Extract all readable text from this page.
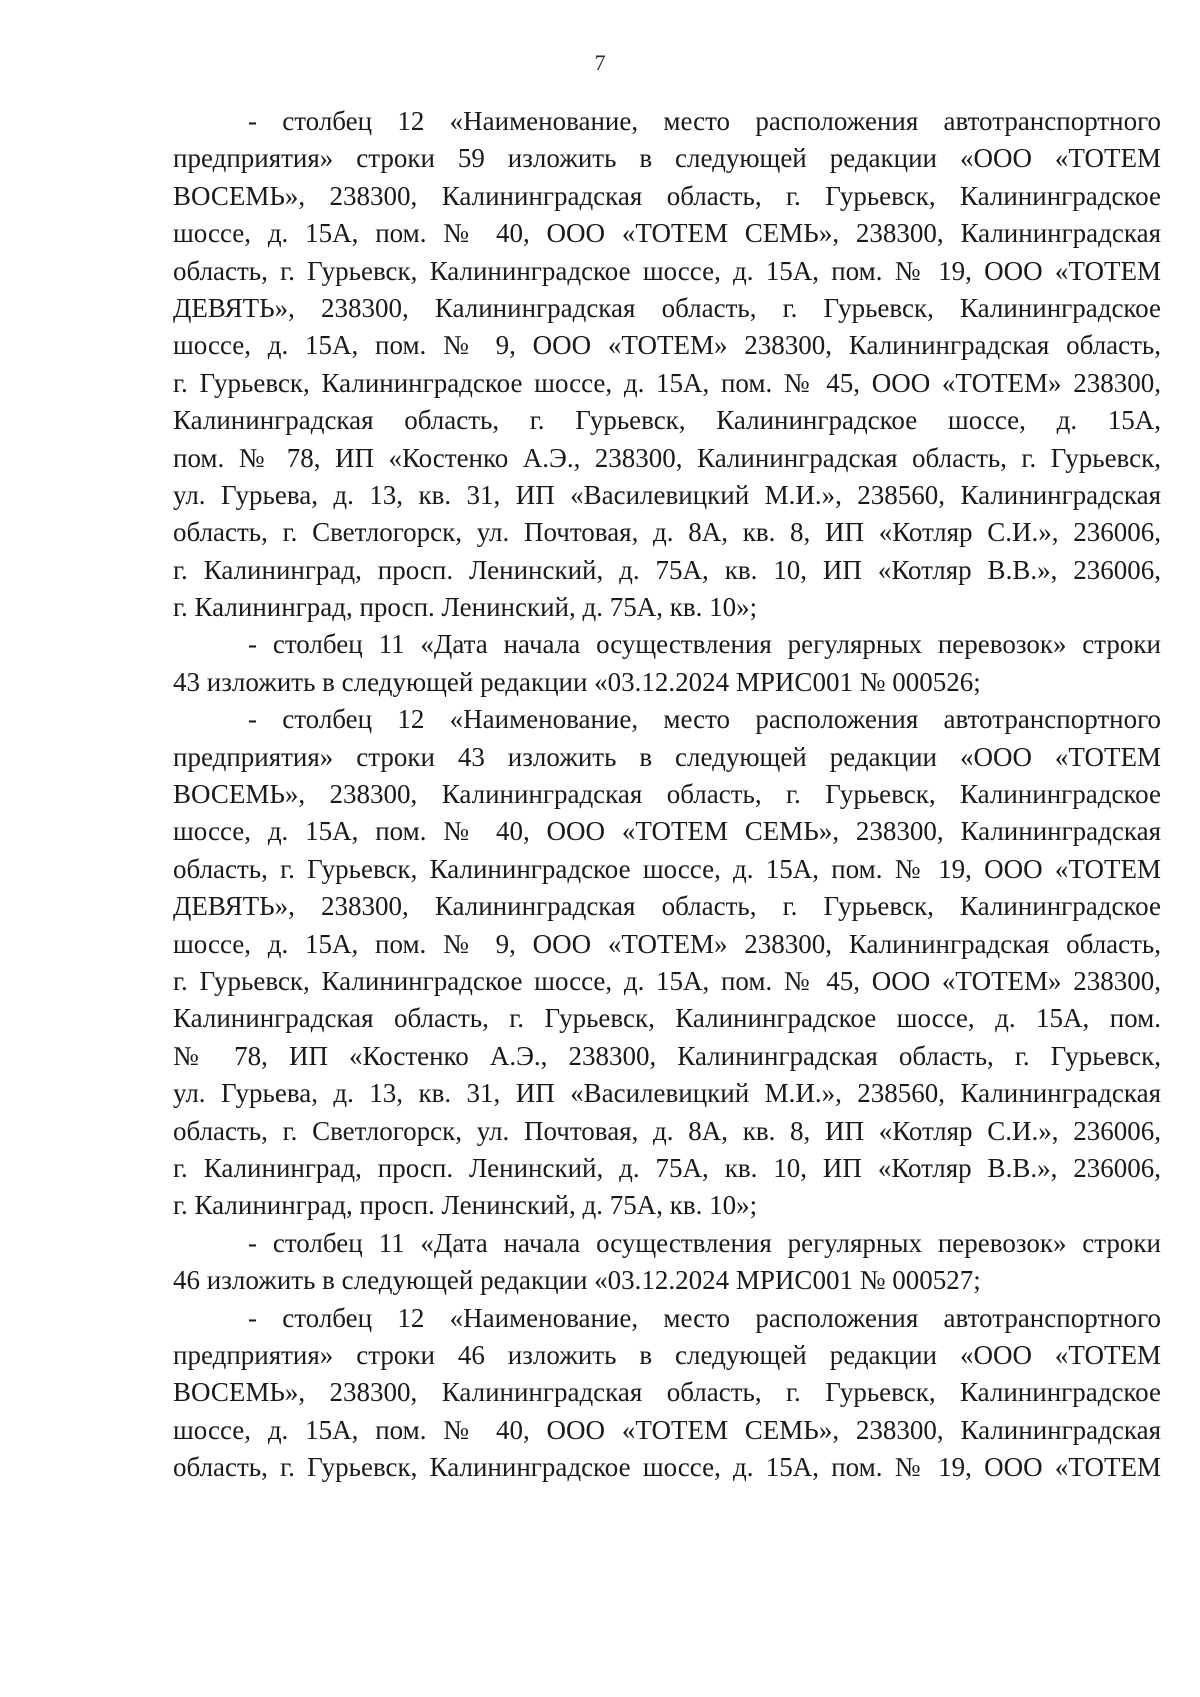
7
- столбец 12 «Наименование, место расположения автотранспортного
предприятия» строки 59 изложить в следующей редакции «ООО «ТОТЕМ
ВОСЕМЬ», 238300, Калининградская область, г. Гурьевск, Калининградское
шоссе, д. 15А, пом. № 40, ООО «ТОТЕМ СЕМЬ», 238300, Калининградская
область, г. Гурьевск, Калининградское шоссе, д. 15А, пом. № 19, ООО «ТОТЕМ
ДЕВЯТЬ», 238300, Калининградская область, г. Гурьевск, Калининградское
шоссе, д. 15А, пом. № 9, ООО «ТОТЕМ» 238300, Калининградская область,
г. Гурьевск, Калининградское шоссе, д. 15А, пом. № 45, ООО «ТОТЕМ» 238300,
Калининградская область, г. Гурьевск, Калининградское шоссе, д. 15А,
пом. № 78, ИП «Костенко А.Э., 238300, Калининградская область, г. Гурьевск,
ул. Гурьева, д. 13, кв. 31, ИП «Василевицкий М.И.», 238560, Калининградская
область, г. Светлогорск, ул. Почтовая, д. 8А, кв. 8, ИП «Котляр С.И.», 236006,
г. Калининград, просп. Ленинский, д. 75А, кв. 10, ИП «Котляр В.В.», 236006,
г. Калининград, просп. Ленинский, д. 75А, кв. 10»;
- столбец 11 «Дата начала осуществления регулярных перевозок» строки
43 изложить в следующей редакции «03.12.2024 МРИС001 № 000526;
- столбец 12 «Наименование, место расположения автотранспортного
предприятия» строки 43 изложить в следующей редакции «ООО «ТОТЕМ
ВОСЕМЬ», 238300, Калининградская область, г. Гурьевск, Калининградское
шоссе, д. 15А, пом. № 40, ООО «ТОТЕМ СЕМЬ», 238300, Калининградская
область, г. Гурьевск, Калининградское шоссе, д. 15А, пом. № 19, ООО «ТОТЕМ
ДЕВЯТЬ», 238300, Калининградская область, г. Гурьевск, Калининградское
шоссе, д. 15А, пом. № 9, ООО «ТОТЕМ» 238300, Калининградская область,
г. Гурьевск, Калининградское шоссе, д. 15А, пом. № 45, ООО «ТОТЕМ» 238300,
Калининградская область, г. Гурьевск, Калининградское шоссе, д. 15А, пом.
№ 78, ИП «Костенко А.Э., 238300, Калининградская область, г. Гурьевск,
ул. Гурьева, д. 13, кв. 31, ИП «Василевицкий М.И.», 238560, Калининградская
область, г. Светлогорск, ул. Почтовая, д. 8А, кв. 8, ИП «Котляр С.И.», 236006,
г. Калининград, просп. Ленинский, д. 75А, кв. 10, ИП «Котляр В.В.», 236006,
г. Калининград, просп. Ленинский, д. 75А, кв. 10»;
- столбец 11 «Дата начала осуществления регулярных перевозок» строки
46 изложить в следующей редакции «03.12.2024 МРИС001 № 000527;
- столбец 12 «Наименование, место расположения автотранспортного
предприятия» строки 46 изложить в следующей редакции «ООО «ТОТЕМ
ВОСЕМЬ», 238300, Калининградская область, г. Гурьевск, Калининградское
шоссе, д. 15А, пом. № 40, ООО «ТОТЕМ СЕМЬ», 238300, Калининградская
область, г. Гурьевск, Калининградское шоссе, д. 15А, пом. № 19, ООО «ТОТЕМ
